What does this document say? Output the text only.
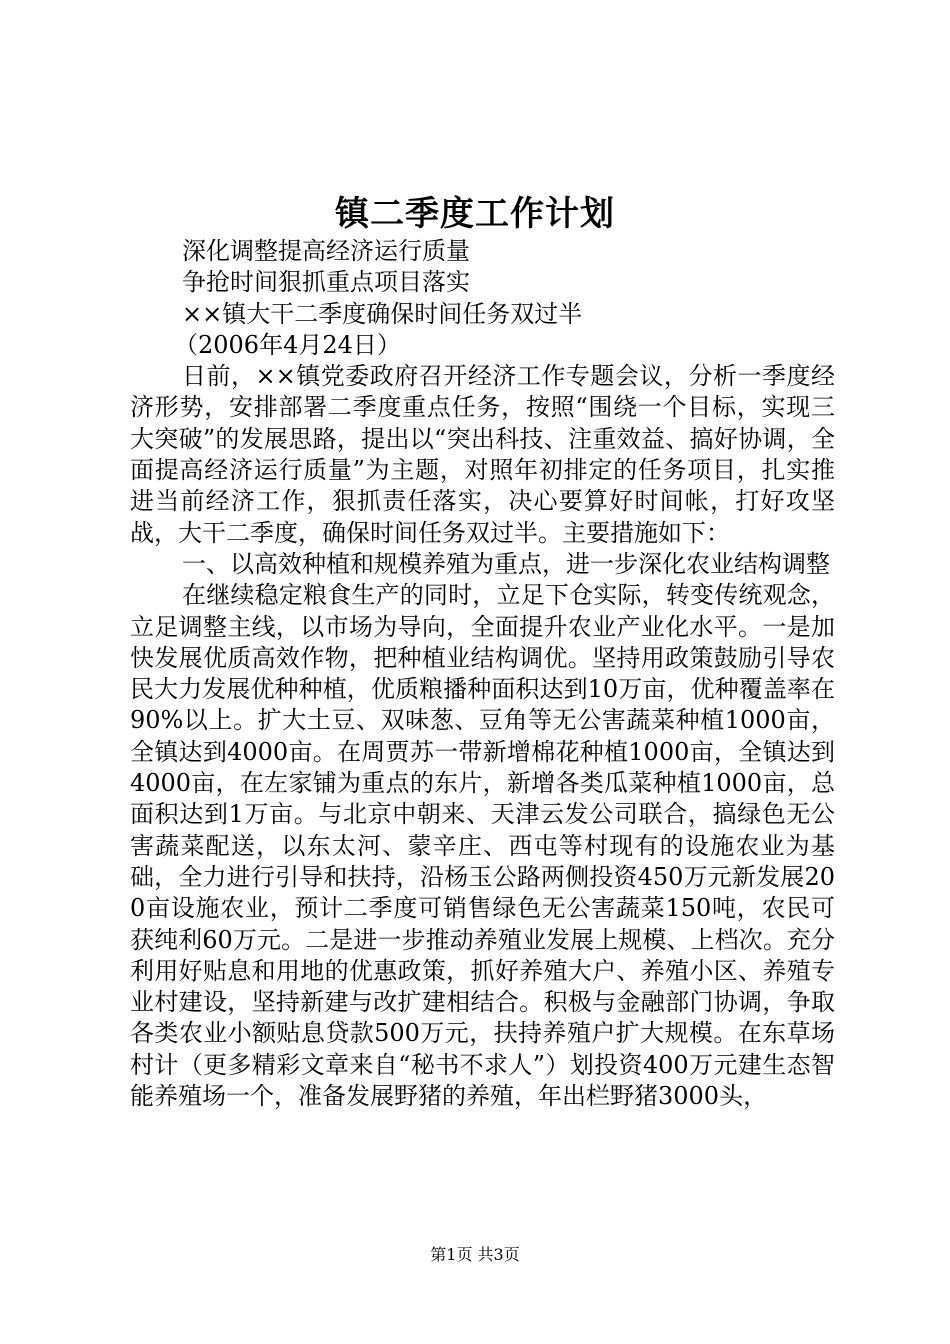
镇二季度工作计划

深化调整提高经济运行质量

争抢时间狠抓重点项目落实

××镇大干二季度确保时间任务双过半

（2006年4月24日）

日前，××镇党委政府召开经济工作专题会议，分析一季度经济形势，安排部署二季度重点任务，按照“围绕一个目标，实现三大突破”的发展思路，提出以“突出科技、注重效益、搞好协调，全面提高经济运行质量”为主题，对照年初排定的任务项目，扎实推进当前经济工作，狠抓责任落实，决心要算好时间帐，打好攻坚战，大干二季度，确保时间任务双过半。主要措施如下：

一、以高效种植和规模养殖为重点，进一步深化农业结构调整

在继续稳定粮食生产的同时，立足下仓实际，转变传统观念，立足调整主线，以市场为导向，全面提升农业产业化水平。一是加快发展优质高效作物，把种植业结构调优。坚持用政策鼓励引导农民大力发展优种种植，优质粮播种面积达到10万亩，优种覆盖率在90%以上。扩大土豆、双味葱、豆角等无公害蔬菜种植1000亩，全镇达到4000亩。在周贾苏一带新增棉花种植1000亩，全镇达到4000亩，在左家铺为重点的东片，新增各类瓜菜种植1000亩，总面积达到1万亩。与北京中朝来、天津云发公司联合，搞绿色无公害蔬菜配送，以东太河、蒙辛庄、西屯等村现有的设施农业为基础，全力进行引导和扶持，沿杨玉公路两侧投资450万元新发展200亩设施农业，预计二季度可销售绿色无公害蔬菜150吨，农民可获纯利60万元。二是进一步推动养殖业发展上规模、上档次。充分利用好贴息和用地的优惠政策，抓好养殖大户、养殖小区、养殖专业村建设，坚持新建与改扩建相结合。积极与金融部门协调，争取各类农业小额贴息贷款500万元，扶持养殖户扩大规模。在东草场村计（更多精彩文章来自“秘书不求人”）划投资400万元建生态智能养殖场一个，准备发展野猪的养殖，年出栏野猪3000头，

第1页 共3页
